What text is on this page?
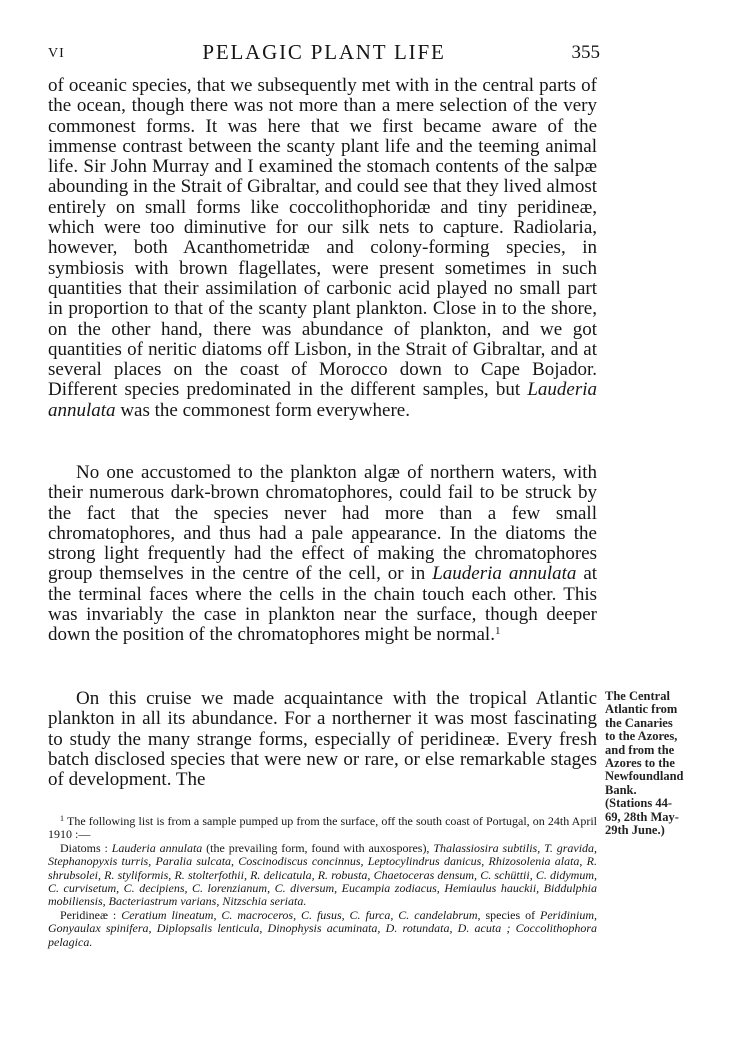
VI	PELAGIC PLANT LIFE	355
of oceanic species, that we subsequently met with in the central parts of the ocean, though there was not more than a mere selection of the very commonest forms. It was here that we first became aware of the immense contrast between the scanty plant life and the teeming animal life. Sir John Murray and I examined the stomach contents of the salpæ abounding in the Strait of Gibraltar, and could see that they lived almost entirely on small forms like coccolithophoridæ and tiny peridineæ, which were too diminutive for our silk nets to capture. Radiolaria, however, both Acanthometridæ and colony-forming species, in symbiosis with brown flagellates, were present sometimes in such quantities that their assimilation of carbonic acid played no small part in proportion to that of the scanty plant plankton. Close in to the shore, on the other hand, there was abundance of plankton, and we got quantities of neritic diatoms off Lisbon, in the Strait of Gibraltar, and at several places on the coast of Morocco down to Cape Bojador. Different species predominated in the different samples, but Lauderia annulata was the commonest form everywhere.
No one accustomed to the plankton algæ of northern waters, with their numerous dark-brown chromatophores, could fail to be struck by the fact that the species never had more than a few small chromatophores, and thus had a pale appearance. In the diatoms the strong light frequently had the effect of making the chromatophores group themselves in the centre of the cell, or in Lauderia annulata at the terminal faces where the cells in the chain touch each other. This was invariably the case in plankton near the surface, though deeper down the position of the chromatophores might be normal.$^1$
On this cruise we made acquaintance with the tropical Atlantic plankton in all its abundance. For a northerner it was most fascinating to study the many strange forms, especially of peridineæ. Every fresh batch disclosed species that were new or rare, or else remarkable stages of development. The
The Central
Atlantic from
the Canaries
to the Azores,
and from the
Azores to the
Newfoundland
Bank.
(Stations 44-
69, 28th May-
29th June.)

$^1$ The following list is from a sample pumped up from the surface, off the south coast of Portugal, on 24th April 1910 :—

Diatoms : Lauderia annulata (the prevailing form, found with auxospores), Thalassiosira subtilis, T. gravida, Stephanopyxis turris, Paralia sulcata, Coscinodiscus concinnus, Leptocylindrus danicus, Rhizosolenia alata, R. shrubsolei, R. styliformis, R. stolterfothii, R. delicatula, R. robusta, Chaetoceras densum, C. schüttii, C. didymum, C. curvisetum, C. decipiens, C. lorenzianum, C. diversum, Eucampia zodiacus, Hemiaulus hauckii, Biddulphia mobiliensis, Bacteriastrum varians, Nitzschia seriata.

Peridineæ : Ceratium lineatum, C. macroceros, C. fusus, C. furca, C. candelabrum, species of Peridinium, Gonyaulax spinifera, Diplopsalis lenticula, Dinophysis acuminata, D. rotundata, D. acuta ; Coccolithophora pelagica.
